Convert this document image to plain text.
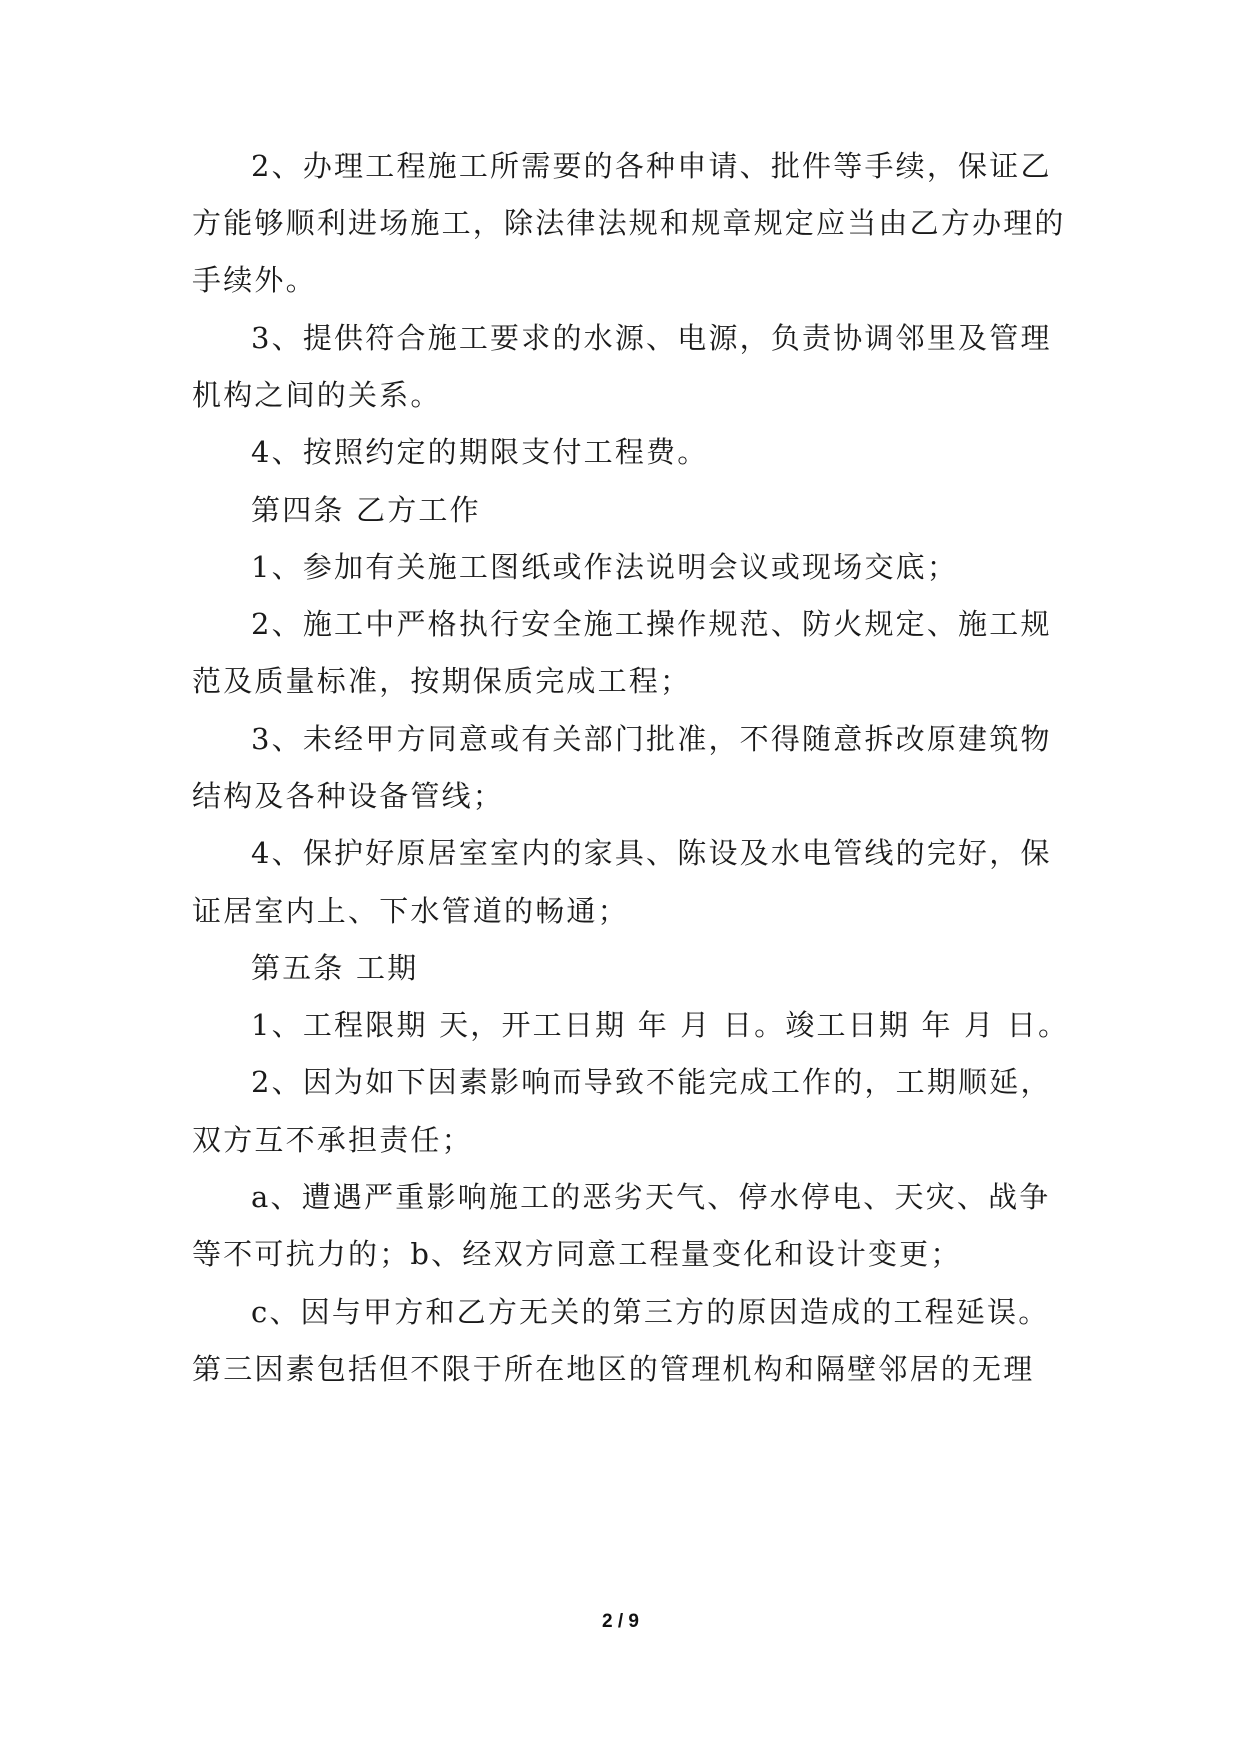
2、办理工程施工所需要的各种申请、批件等手续，保证乙
方能够顺利进场施工，除法律法规和规章规定应当由乙方办理的
手续外。
3、提供符合施工要求的水源、电源，负责协调邻里及管理
机构之间的关系。
4、按照约定的期限支付工程费。
第四条 乙方工作
1、参加有关施工图纸或作法说明会议或现场交底；
2、施工中严格执行安全施工操作规范、防火规定、施工规
范及质量标准，按期保质完成工程；
3、未经甲方同意或有关部门批准，不得随意拆改原建筑物
结构及各种设备管线；
4、保护好原居室室内的家具、陈设及水电管线的完好，保
证居室内上、下水管道的畅通；
第五条 工期
1、工程限期 天，开工日期 年 月 日。竣工日期 年 月 日。
2、因为如下因素影响而导致不能完成工作的，工期顺延，
双方互不承担责任；
a、遭遇严重影响施工的恶劣天气、停水停电、天灾、战争
等不可抗力的；b、经双方同意工程量变化和设计变更；
c、因与甲方和乙方无关的第三方的原因造成的工程延误。
第三因素包括但不限于所在地区的管理机构和隔壁邻居的无理
2 / 9
